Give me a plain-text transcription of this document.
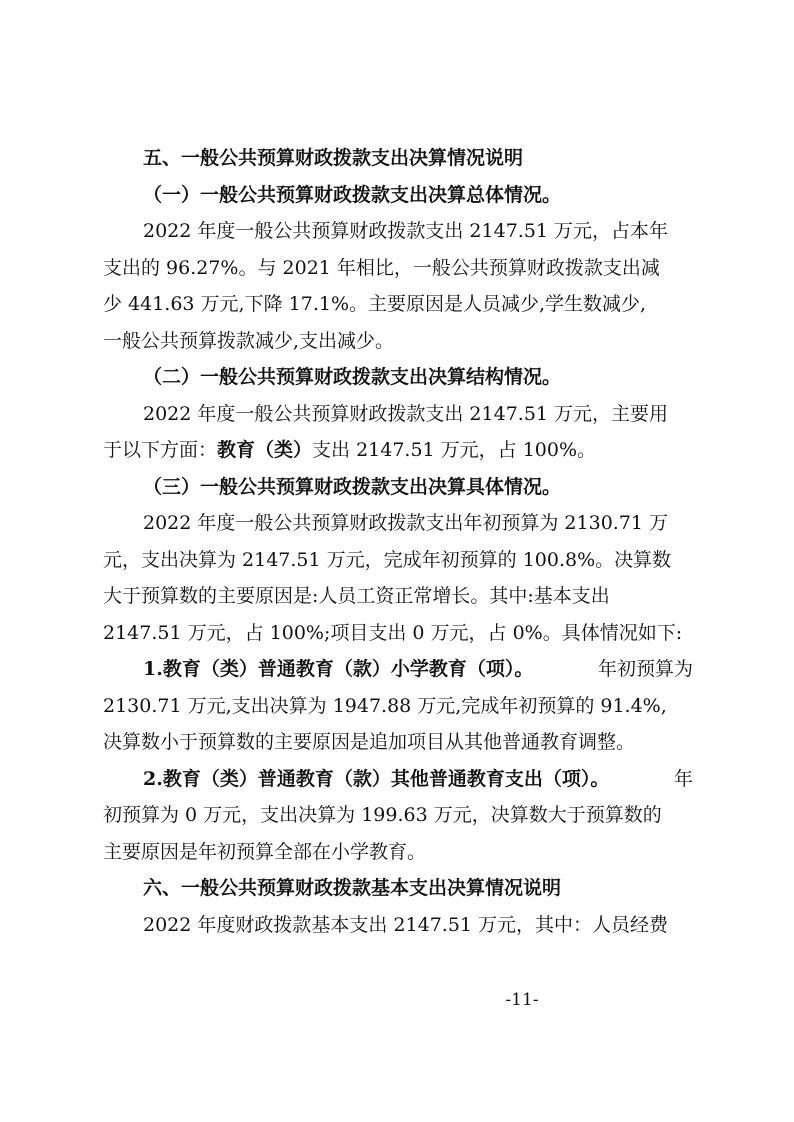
五、一般公共预算财政拨款支出决算情况说明
（一）一般公共预算财政拨款支出决算总体情况。
2022 年度一般公共预算财政拨款支出 2147.51 万元，占本年
支出的 96.27%。与 2021 年相比，一般公共预算财政拨款支出减
少 441.63 万元,下降 17.1%。主要原因是人员减少,学生数减少,
一般公共预算拨款减少,支出减少。
（二）一般公共预算财政拨款支出决算结构情况。
2022 年度一般公共预算财政拨款支出 2147.51 万元，主要用
于以下方面： 教育（类） 支出 2147.51 万元，占 100%。
（三）一般公共预算财政拨款支出决算具体情况。
2022 年度一般公共预算财政拨款支出年初预算为 2130.71 万
元，支出决算为 2147.51 万元，完成年初预算的 100.8%。决算数
大于预算数的主要原因是:人员工资正常增长。其中:基本支出
2147.51 万元，占 100%;项目支出 0 万元，占 0%。具体情况如下:
1.教育（类）普通教育（款）小学教育（项）。	年初预算为
2130.71 万元,支出决算为 1947.88 万元,完成年初预算的 91.4%,
决算数小于预算数的主要原因是追加项目从其他普通教育调整。
2.教育（类）普通教育（款）其他普通教育支出（项）。	年
初预算为 0 万元，支出决算为 199.63 万元，决算数大于预算数的
主要原因是年初预算全部在小学教育。
六、一般公共预算财政拨款基本支出决算情况说明
2022 年度财政拨款基本支出 2147.51 万元，其中：人员经费
-11-
